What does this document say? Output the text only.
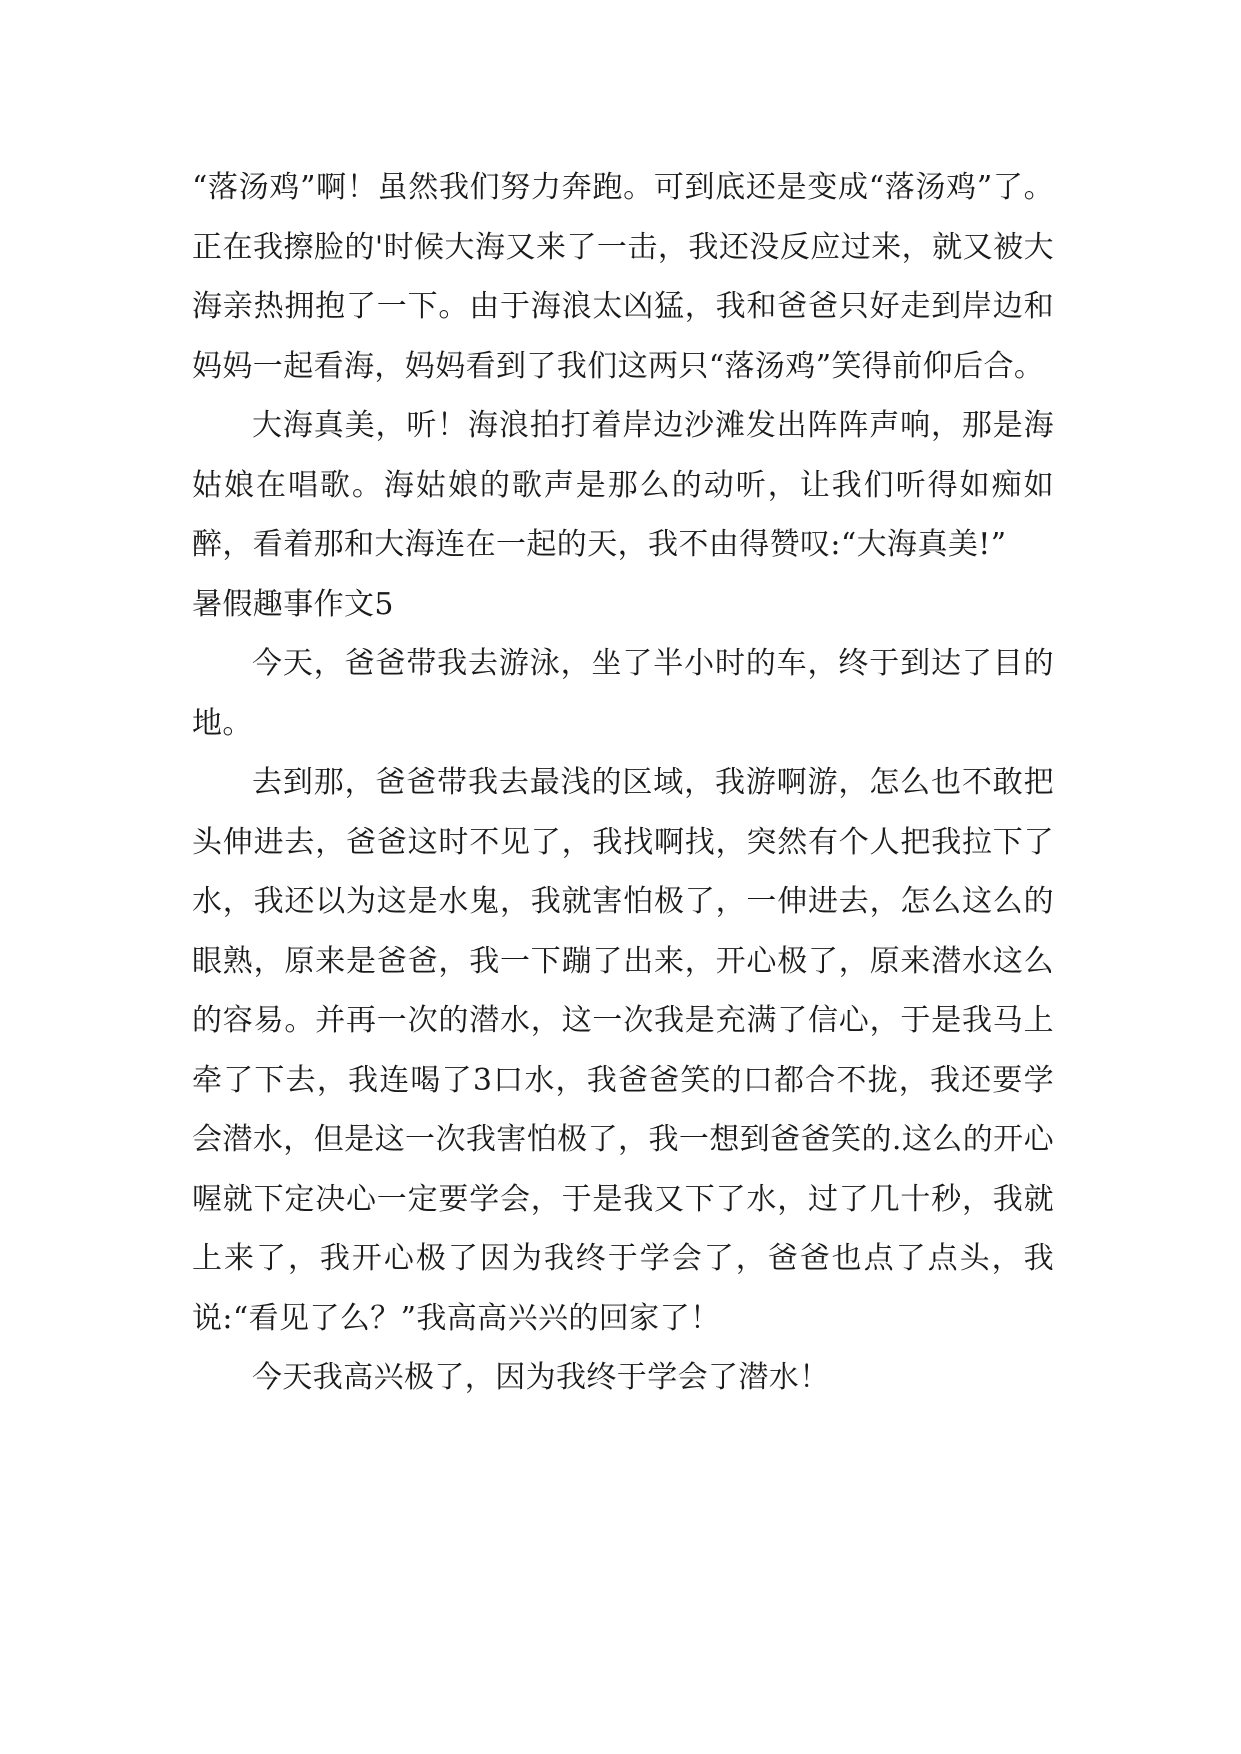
“落汤鸡”啊！虽然我们努力奔跑。可到底还是变成“落汤鸡”了。正在我擦脸的'时候大海又来了一击，我还没反应过来，就又被大海亲热拥抱了一下。由于海浪太凶猛，我和爸爸只好走到岸边和妈妈一起看海，妈妈看到了我们这两只“落汤鸡”笑得前仰后合。

大海真美，听！海浪拍打着岸边沙滩发出阵阵声响，那是海姑娘在唱歌。海姑娘的歌声是那么的动听，让我们听得如痴如醉，看着那和大海连在一起的天，我不由得赞叹:“大海真美!”

暑假趣事作文5

今天，爸爸带我去游泳，坐了半小时的车，终于到达了目的地。

去到那，爸爸带我去最浅的区域，我游啊游，怎么也不敢把头伸进去，爸爸这时不见了，我找啊找，突然有个人把我拉下了水，我还以为这是水鬼，我就害怕极了，一伸进去，怎么这么的眼熟，原来是爸爸，我一下蹦了出来，开心极了，原来潜水这么的容易。并再一次的潜水，这一次我是充满了信心，于是我马上牵了下去，我连喝了3口水，我爸爸笑的口都合不拢，我还要学会潜水，但是这一次我害怕极了，我一想到爸爸笑的.这么的开心喔就下定决心一定要学会，于是我又下了水，过了几十秒，我就上来了，我开心极了因为我终于学会了，爸爸也点了点头，我说:“看见了么？”我高高兴兴的回家了！

今天我高兴极了，因为我终于学会了潜水！
